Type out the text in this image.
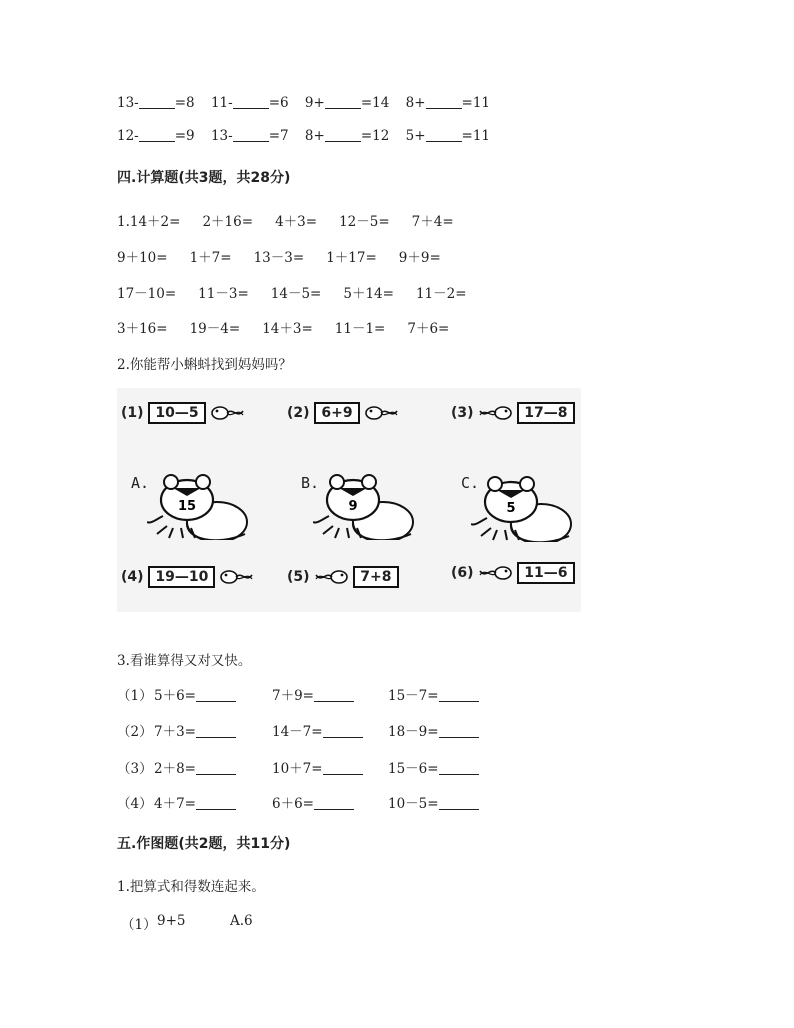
13-	=8 11-	=6 9+	=14 8+	=11
12-	=9 13-	=7 8+	=12 5+	=11
四.计算题(共3题，共28分)
1.14＋2= 2＋16= 4＋3= 12－5= 7＋4=
9＋10= 1＋7= 13－3= 1＋17= 9＋9=
17－10= 11－3= 14－5= 5＋14= 11－2=
3＋16= 19－4= 14＋3= 11－1= 7＋6=
2.你能帮小蝌蚪找到妈妈吗？
(1) 10—5	(2) 6+9	(3)	17—8
A.
15
B.
9
C.
5
(4) 19—10	(5)	7+8	(6)	11—6
3.看谁算得又对又快。
（1） 5＋6=	7＋9=	15－7=
（2） 7＋3=	14－7=	18－9=
（3） 2＋8=	10＋7=	15－6=
（4） 4＋7=	6＋6=	10－5=
五.作图题(共2题，共11分)
1.把算式和得数连起来。
（1） 9+5	A.6
